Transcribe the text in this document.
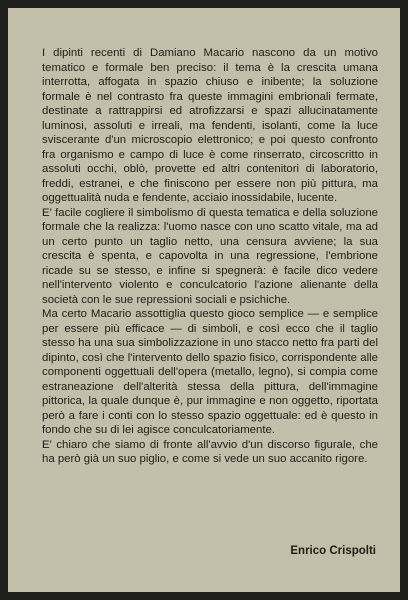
I dipinti recenti di Damiano Macario nascono da un motivo tematico e formale ben preciso: il tema è la crescita umana interrotta, affogata in spazio chiuso e inibente; la soluzione formale è nel contrasto fra queste immagini embrionali fermate, destinate a rattrappirsi ed atrofizzarsi e spazi allucinatamente luminosi, assoluti e irreali, ma fendenti, isolanti, come la luce sviscerante d'un microscopio elettronico; e poi questo confronto fra organismo e campo di luce è come rinserrato, circoscritto in assoluti occhi, oblò, provette ed altri contenitori di laboratorio, freddi, estranei, e che finiscono per essere non più pittura, ma oggettualità nuda e fendente, acciaio inossidabile, lucente.

E' facile cogliere il simbolismo di questa tematica e della soluzione formale che la realizza: l'uomo nasce con uno scatto vitale, ma ad un certo punto un taglio netto, una censura avviene; la sua crescita è spenta, e capovolta in una regressione, l'embrione ricade su se stesso, e infine si spegnerà: è facile dico vedere nell'intervento violento e conculcatorio l'azione alienante della società con le sue repressioni sociali e psichiche.

Ma certo Macario assottiglia questo gioco semplice — e semplice per essere più efficace — di simboli, e così ecco che il taglio stesso ha una sua simbolizzazione in uno stacco netto fra parti del dipinto, così che l'intervento dello spazio fisico, corrispondente alle componenti oggettuali dell'opera (metallo, legno), si compia come estraneazione dell'alterità stessa della pittura, dell'immagine pittorica, la quale dunque è, pur immagine e non oggetto, riportata però a fare i conti con lo stesso spazio oggettuale: ed è questo in fondo che su di lei agisce conculcatoriamente.

E' chiaro che siamo di fronte all'avvio d'un discorso figurale, che ha però già un suo piglio, e come si vede un suo accanito rigore.

Enrico Crispolti
